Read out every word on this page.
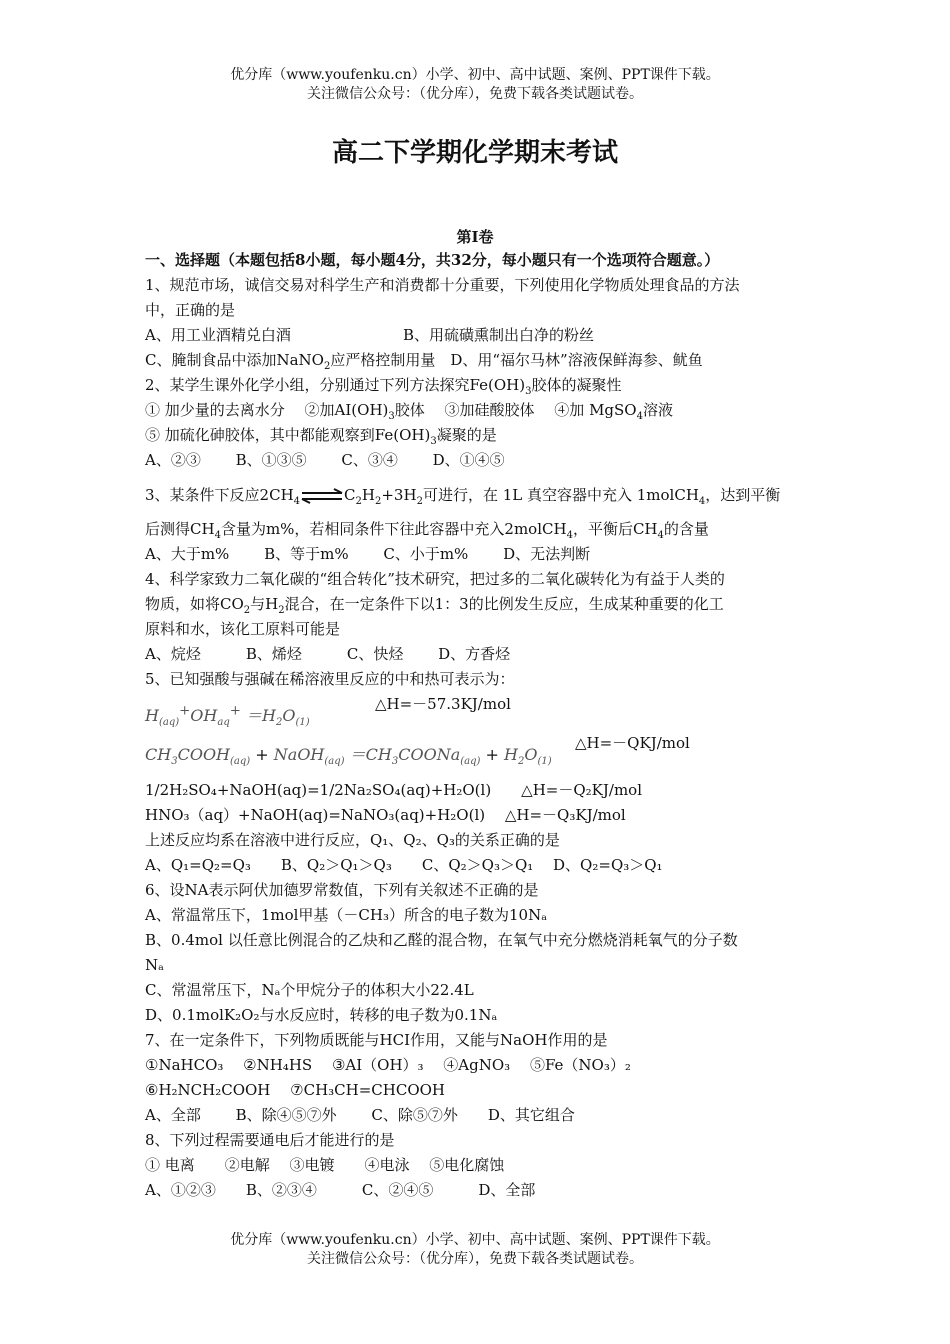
优分库（www.youfenku.cn）小学、初中、高中试题、案例、PPT课件下载。
关注微信公众号：（优分库），免费下载各类试题试卷。
高二下学期化学期末考试
第I卷
一、选择题（本题包括8小题，每小题4分，共32分，每小题只有一个选项符合题意。）
1、规范市场，诚信交易对科学生产和消费都十分重要，下列使用化学物质处理食品的方法
中，正确的是
A、用工业酒精兑白酒	B、用硫磺熏制出白净的粉丝
C、腌制食品中添加NaNO$_2$应严格控制用量　D、用“福尔马林”溶液保鲜海参、鱿鱼
2、某学生课外化学小组，分别通过下列方法探究$Fe(OH)_3$胶体的凝聚性
① 加少量的去离水分　 ②加$AI(OH)_3$胶体　 ③加硅酸胶体　 ④加 MgSO$_4$溶液
⑤ 加硫化砷胶体，其中都能观察到$Fe(OH)_3$凝聚的是
A、②③　　 B、①③⑤　　 C、③④　　 D、①④⑤
3、某条件下反应$2CH_4\rightleftharpoons C_2H_2+3H_2$可进行，在 1L 真空容器中充入 1molCH$_4$，达到平衡
后测得$CH_4$含量为m%，若相同条件下往此容器中充入2molCH$_4$，平衡后$CH_4$的含量
A、大于m%　　 B、等于m%　　 C、小于m%　　 D、无法判断
4、科学家致力二氧化碳的“组合转化”技术研究，把过多的二氧化碳转化为有益于人类的
物质，如将$CO_2$与$H_2$混合，在一定条件下以1：3的比例发生反应，生成某种重要的化工
原料和水，该化工原料可能是
A、烷烃　　　B、烯烃　　　C、快烃　　 D、方香烃
5、已知强酸与强碱在稀溶液里反应的中和热可表示为：
$H_{(aq)}^+OH_{aq}^+ =H_2O_{(1)}$
△H=－57.3KJ/mol
$CH_3COOH_{(aq)}$ + NaOH$_{(aq)}$ $=CH_3COONa_{(aq)} + H_2O_{(1)}$
△H=－QKJ/mol
1/2H₂SO₄+NaOH(aq)=1/2Na₂SO₄(aq)+H₂O(l)　　△H=－Q₂KJ/mol
HNO₃（aq）+NaOH(aq)=NaNO₃(aq)+H₂O(l)　 △H=－Q₃KJ/mol
上述反应均系在溶液中进行反应，Q₁、Q₂、Q₃的关系正确的是
A、Q₁=Q₂=Q₃　　B、Q₂＞Q₁＞Q₃　　C、Q₂＞Q₃＞Q₁　 D、Q₂=Q₃＞Q₁
6、设NA表示阿伏加德罗常数值，下列有关叙述不正确的是
A、常温常压下，1mol甲基（－CH₃）所含的电子数为10Nₐ
B、0.4mol 以任意比例混合的乙炔和乙醛的混合物，在氧气中充分燃烧消耗氧气的分子数
Nₐ
C、常温常压下，Nₐ个甲烷分子的体积大小22.4L
D、0.1molK₂O₂与水反应时，转移的电子数为0.1Nₐ
7、在一定条件下，下列物质既能与HCI作用，又能与NaOH作用的是
①NaHCO₃　 ②NH₄HS　 ③AI（OH）₃　 ④AgNO₃　 ⑤Fe（NO₃）₂
⑥H₂NCH₂COOH　 ⑦CH₃CH=CHCOOH
A、全部　　 B、除④⑤⑦外　　 C、除⑤⑦外　　D、其它组合
8、下列过程需要通电后才能进行的是
① 电离　　②电解　 ③电镀　　④电泳　 ⑤电化腐蚀
A、①②③　　B、②③④　　　C、②④⑤　　　D、全部
优分库（www.youfenku.cn）小学、初中、高中试题、案例、PPT课件下载。
关注微信公众号：（优分库），免费下载各类试题试卷。
